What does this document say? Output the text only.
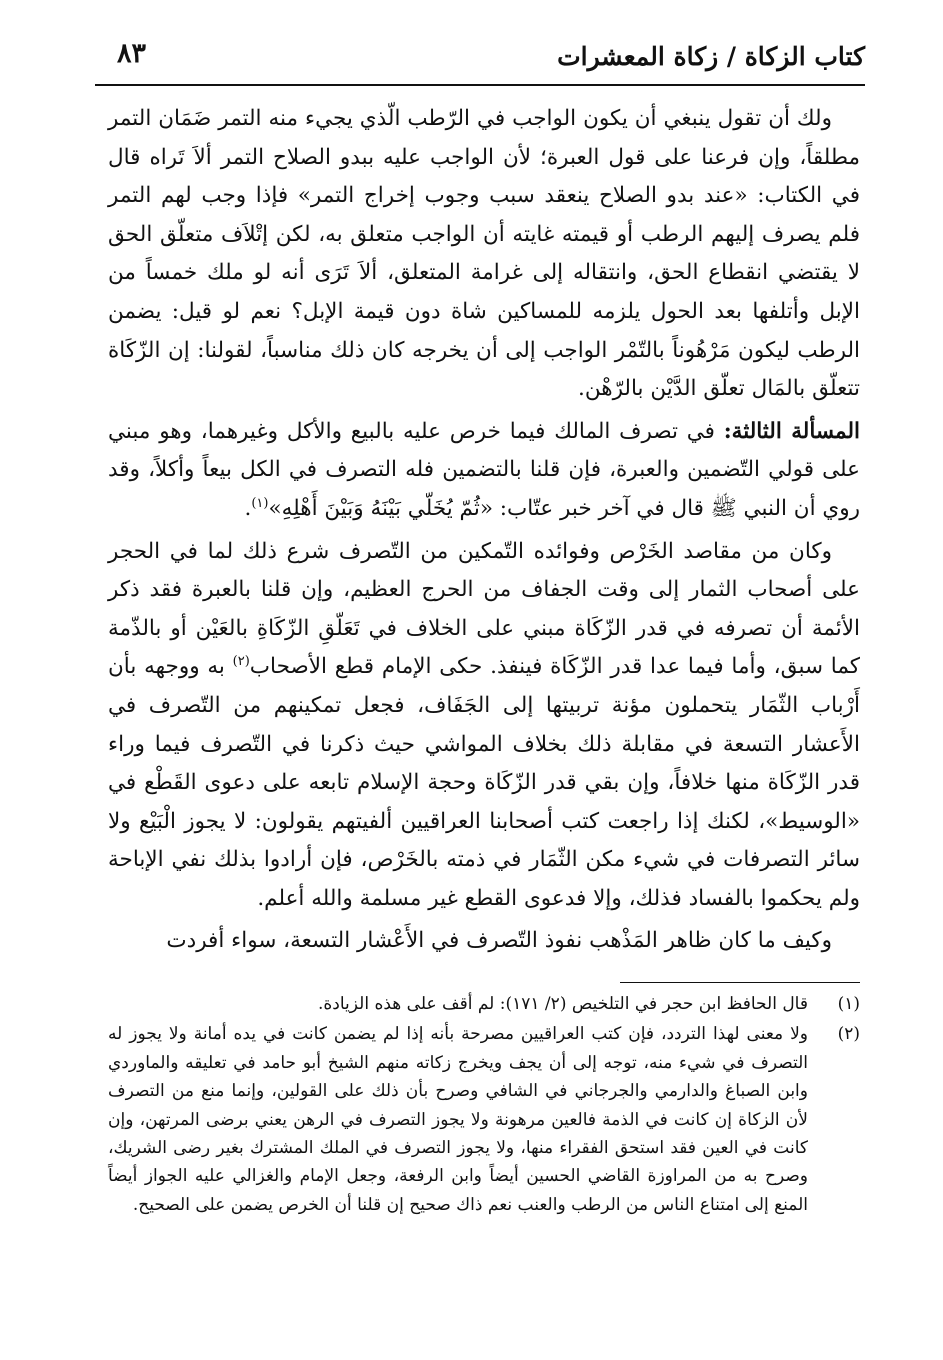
كتاب الزكاة / زكاة المعشرات
٨٣

ولك أن تقول ينبغي أن يكون الواجب في الرّطب الّذي يجيء منه التمر ضَمَان التمر مطلقاً، وإن فرعنا على قول العبرة؛ لأن الواجب عليه ببدو الصلاح التمر ألاَ تَراه قال في الكتاب: «عند بدو الصلاح ينعقد سبب وجوب إخراج التمر» فإذا وجب لهم التمر فلم يصرف إليهم الرطب أو قيمته غايته أن الواجب متعلق به، لكن إتْلاَف متعلّق الحق لا يقتضي انقطاع الحق، وانتقاله إلى غرامة المتعلق، ألاَ تَرَى أنه لو ملك خمساً من الإبل وأتلفها بعد الحول يلزمه للمساكين شاة دون قيمة الإبل؟ نعم لو قيل: يضمن الرطب ليكون مَرْهُوناً بالتّمْر الواجب إلى أن يخرجه كان ذلك مناسباً، لقولنا: إن الزّكَاة تتعلّق بالمَال تعلّق الدَّيْن بالرّهْن.

المسألة الثالثة: في تصرف المالك فيما خرص عليه بالبيع والأكل وغيرهما، وهو مبني على قولي التّضمين والعبرة، فإن قلنا بالتضمين فله التصرف في الكل بيعاً وأكلاً، وقد روي أن النبي ﷺ قال في آخر خبر عتّاب: «ثُمّ يُخَلّي بَيْنَهُ وَبَيْنَ أَهْلِهِ»$^{(١)}$.

وكان من مقاصد الخَرْص وفوائده التّمكين من التّصرف شرع ذلك لما في الحجر على أصحاب الثمار إلى وقت الجفاف من الحرج العظيم، وإن قلنا بالعبرة فقد ذكر الأئمة أن تصرفه في قدر الزّكَاة مبني على الخلاف في تَعَلّقِ الزّكَاةِ بالعَيْن أو بالذّمة كما سبق، وأما فيما عدا قدر الزّكَاة فينفذ. حكى الإمام قطع الأصحاب$^{(٢)}$ به ووجهه بأن أَرْباب الثّمَار يتحملون مؤنة تربيتها إلى الجَفَاف، فجعل تمكينهم من التّصرف في الأَعشار التسعة في مقابلة ذلك بخلاف المواشي حيث ذكرنا في التّصرف فيما وراء قدر الزّكَاة منها خلافاً، وإن بقي قدر الزّكَاة وحجة الإسلام تابعه على دعوى القَطْع في «الوسيط»، لكنك إذا راجعت كتب أصحابنا العراقيين ألفيتهم يقولون: لا يجوز الْبَيْع ولا سائر التصرفات في شيء مكن الثّمَار في ذمته بالخَرْص، فإن أرادوا بذلك نفي الإباحة ولم يحكموا بالفساد فذلك، وإلا فدعوى القطع غير مسلمة والله أعلم.

وكيف ما كان ظاهر المَذْهب نفوذ التّصرف في الأَعْشار التسعة، سواء أفردت

(١)
قال الحافظ ابن حجر في التلخيص (٢/ ١٧١): لم أقف على هذه الزيادة.
(٢)
ولا معنى لهذا التردد، فإن كتب العراقيين مصرحة بأنه إذا لم يضمن كانت في يده أمانة ولا يجوز له التصرف في شيء منه، توجه إلى أن يجف ويخرج زكاته منهم الشيخ أبو حامد في تعليقه والماوردي وابن الصباغ والدارمي والجرجاني في الشافي وصرح بأن ذلك على القولين، وإنما منع من التصرف لأن الزكاة إن كانت في الذمة فالعين مرهونة ولا يجوز التصرف في الرهن يعني برضى المرتهن، وإن كانت في العين فقد استحق الفقراء منها، ولا يجوز التصرف في الملك المشترك بغير رضى الشريك، وصرح به من المراوزة القاضي الحسين أيضاً وابن الرفعة، وجعل الإمام والغزالي عليه الجواز أيضاً المنع إلى امتناع الناس من الرطب والعنب نعم ذاك صحيح إن قلنا أن الخرص يضمن على الصحيح.
